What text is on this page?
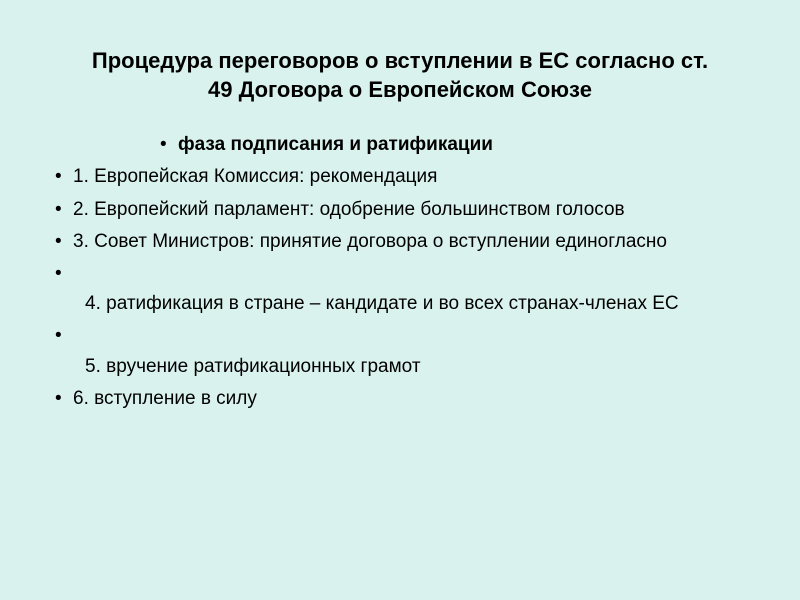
Процедура переговоров о вступлении в ЕС согласно ст. 49 Договора о Европейском Союзе
• фаза подписания и ратификации
• 1. Европейская Комиссия: рекомендация
• 2. Европейский парламент: одобрение большинством голосов
• 3. Совет Министров: принятие договора о вступлении единогласно
•
4. ратификация в стране – кандидате и во всех странах-членах ЕС
•
5. вручение ратификационных грамот
• 6. вступление в силу
